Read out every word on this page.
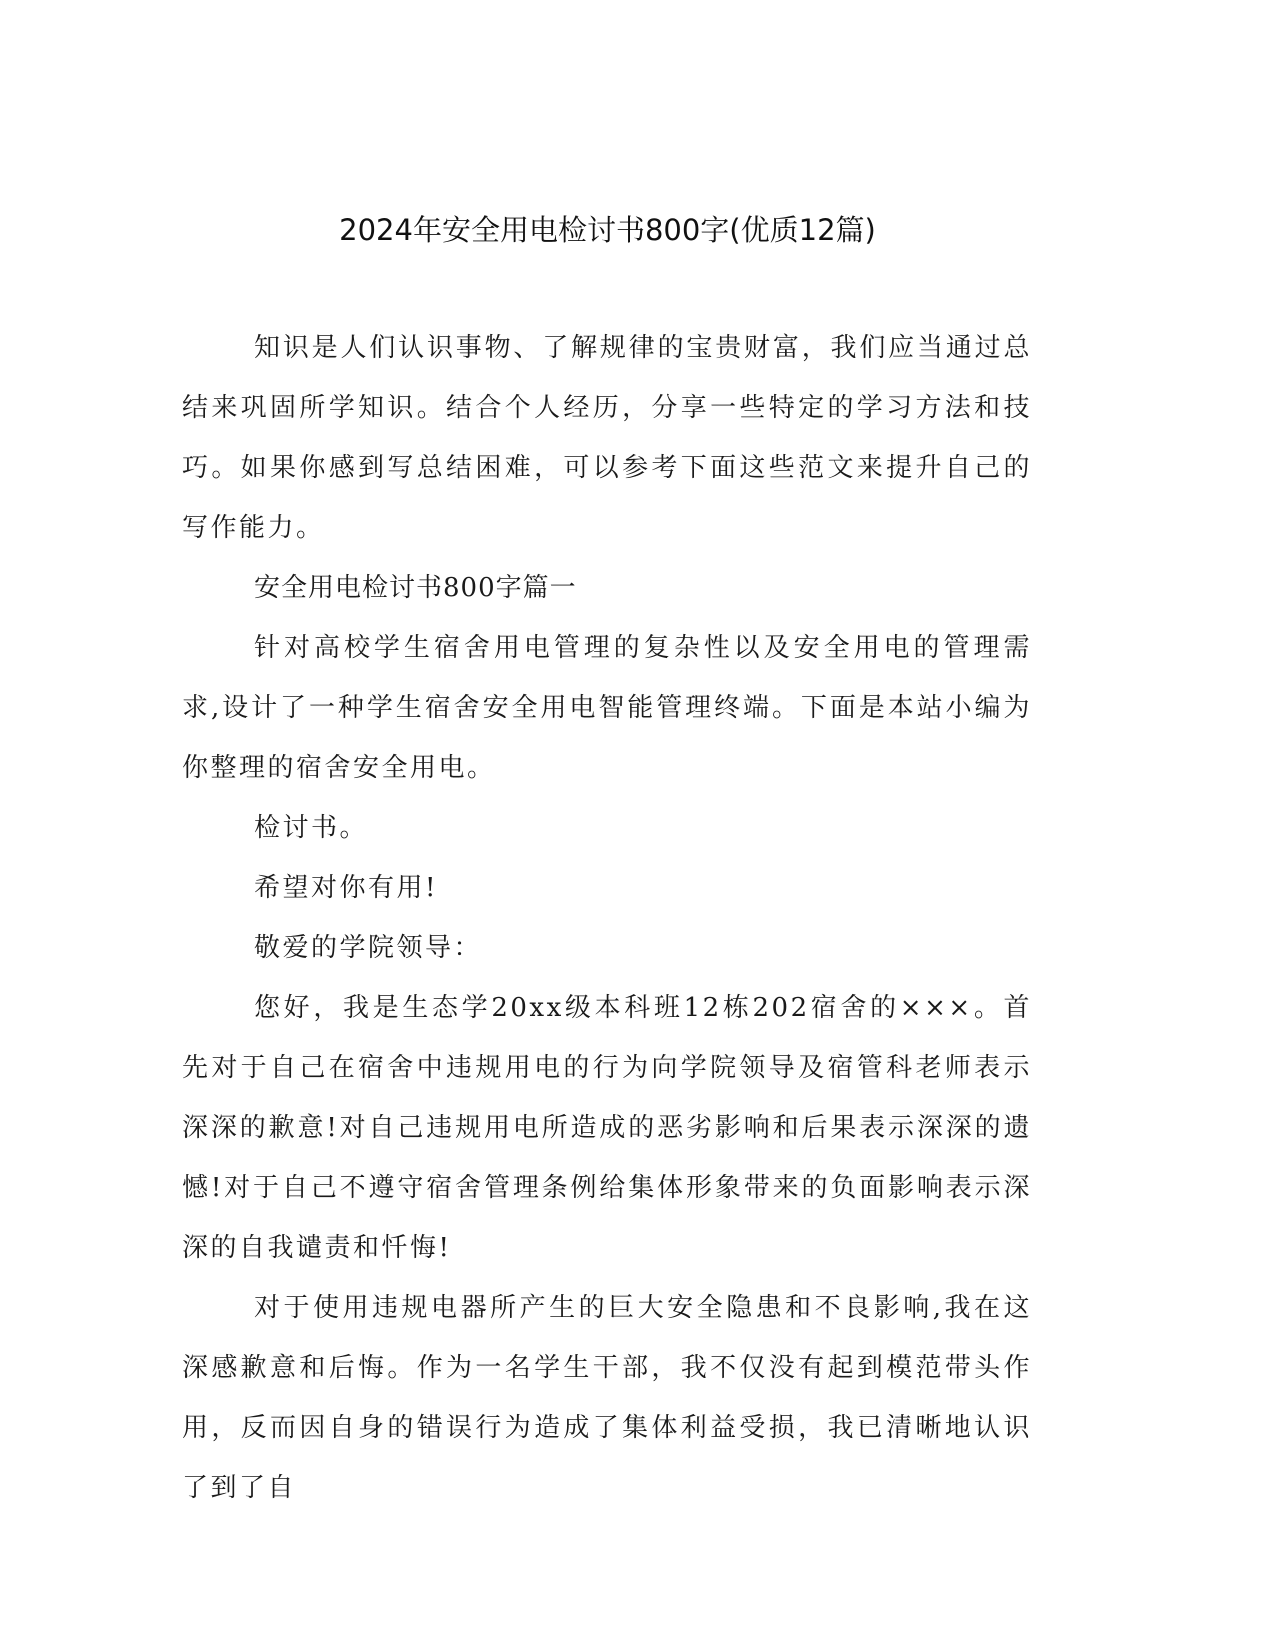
2024年安全用电检讨书800字(优质12篇)

知识是人们认识事物、了解规律的宝贵财富，我们应当通过总结来巩固所学知识。结合个人经历，分享一些特定的学习方法和技巧。如果你感到写总结困难，可以参考下面这些范文来提升自己的写作能力。

安全用电检讨书800字篇一

针对高校学生宿舍用电管理的复杂性以及安全用电的管理需求,设计了一种学生宿舍安全用电智能管理终端。下面是本站小编为你整理的宿舍安全用电。

检讨书。

希望对你有用!

敬爱的学院领导：

您好，我是生态学20xx级本科班12栋202宿舍的×××。首先对于自己在宿舍中违规用电的行为向学院领导及宿管科老师表示深深的歉意!对自己违规用电所造成的恶劣影响和后果表示深深的遗憾!对于自己不遵守宿舍管理条例给集体形象带来的负面影响表示深深的自我谴责和忏悔!

对于使用违规电器所产生的巨大安全隐患和不良影响,我在这深感歉意和后悔。作为一名学生干部，我不仅没有起到模范带头作用，反而因自身的错误行为造成了集体利益受损，我已清晰地认识了到了自
